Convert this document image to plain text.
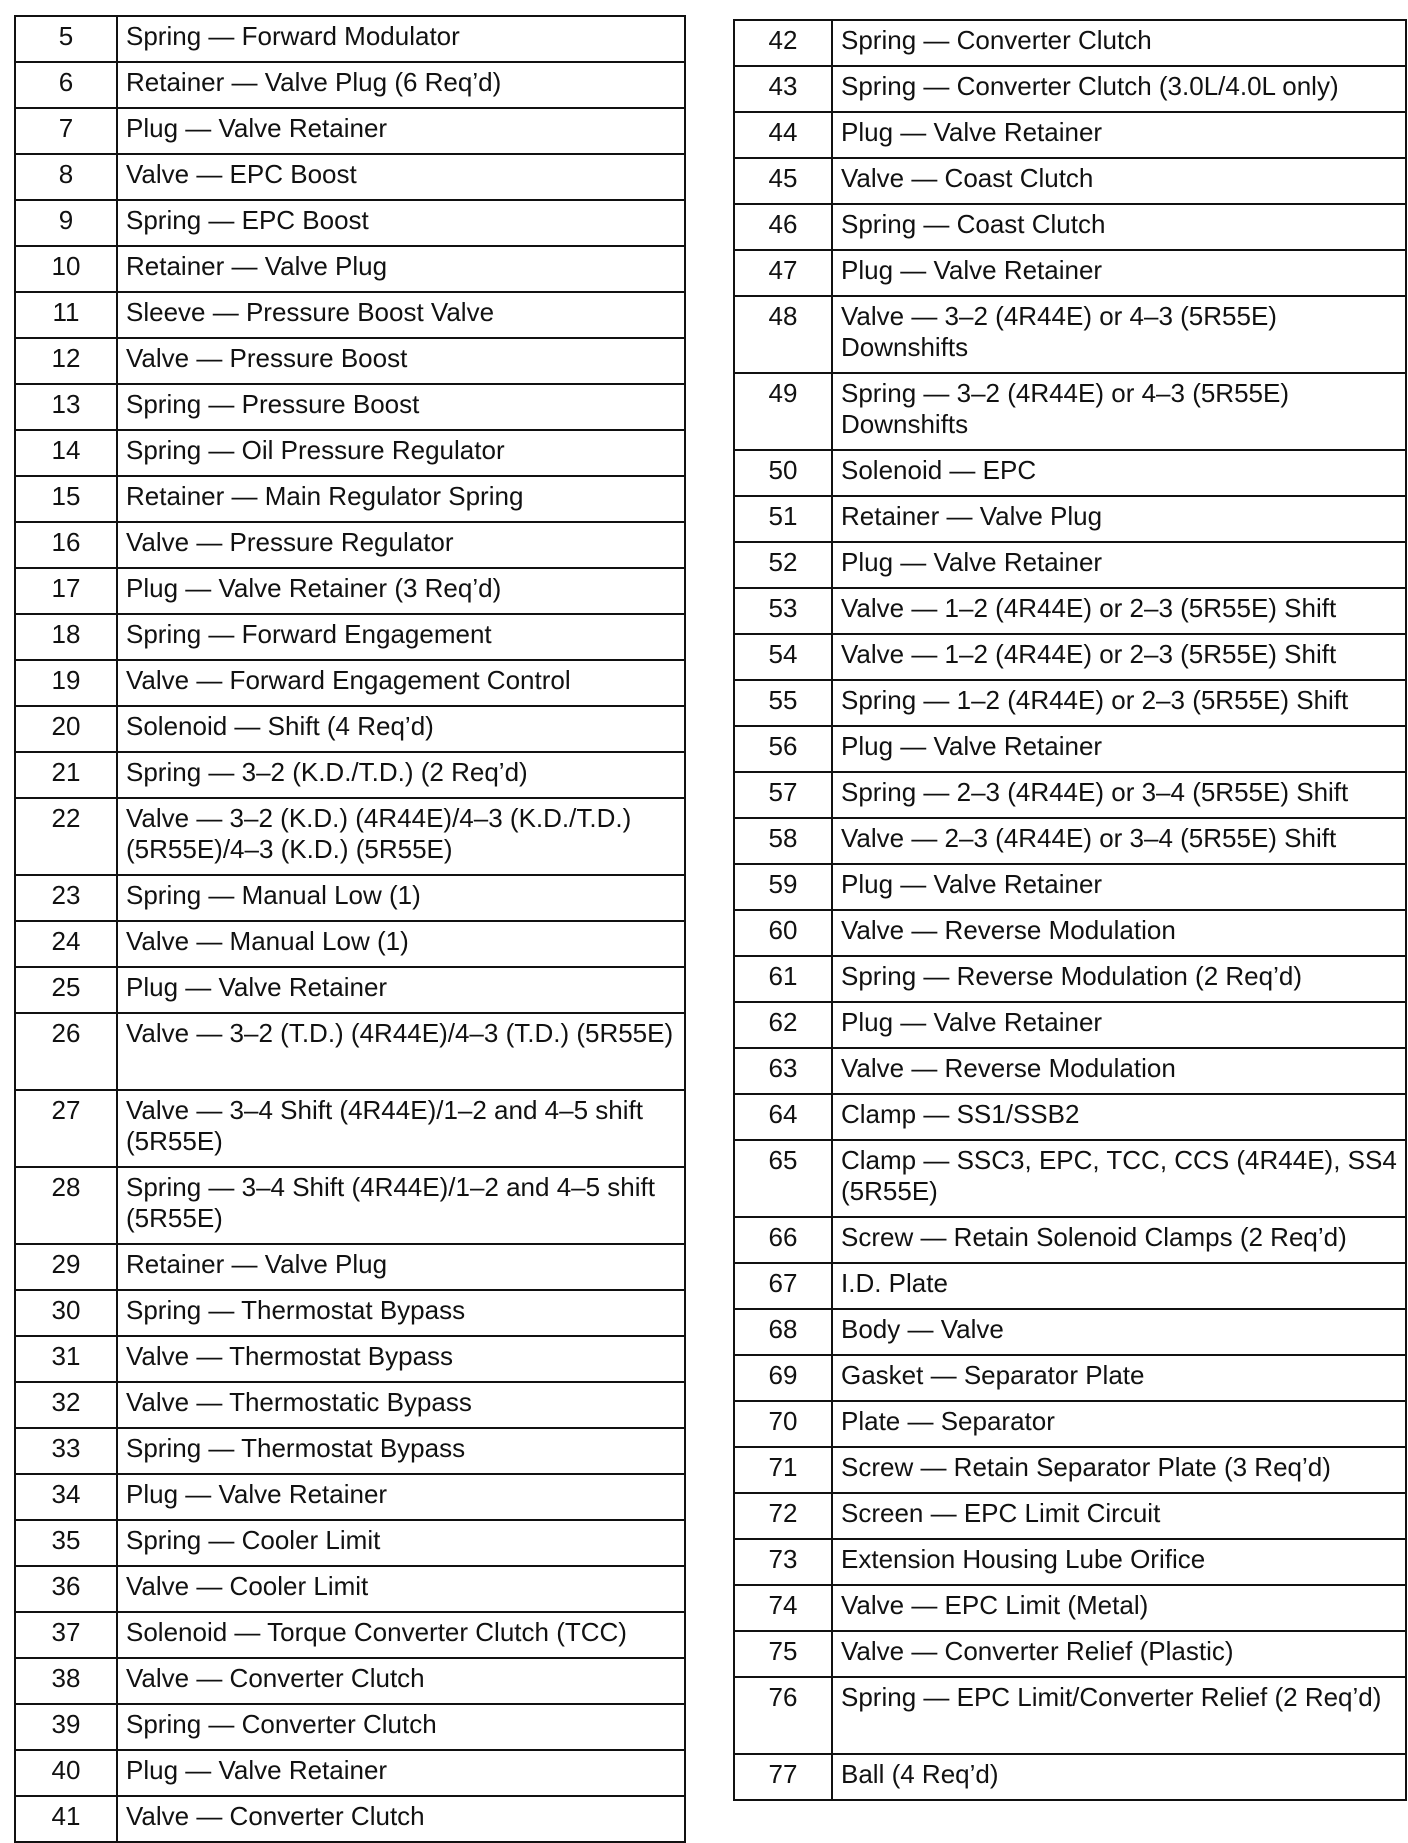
5	Spring — Forward Modulator
6	Retainer — Valve Plug (6 Req’d)
7	Plug — Valve Retainer
8	Valve — EPC Boost
9	Spring — EPC Boost
10	Retainer — Valve Plug
11	Sleeve — Pressure Boost Valve
12	Valve — Pressure Boost
13	Spring — Pressure Boost
14	Spring — Oil Pressure Regulator
15	Retainer — Main Regulator Spring
16	Valve — Pressure Regulator
17	Plug — Valve Retainer (3 Req’d)
18	Spring — Forward Engagement
19	Valve — Forward Engagement Control
20	Solenoid — Shift (4 Req’d)
21	Spring — 3–2 (K.D./T.D.) (2 Req’d)
22	Valve — 3–2 (K.D.) (4R44E)/4–3 (K.D./T.D.) (5R55E)/4–3 (K.D.) (5R55E)
23	Spring — Manual Low (1)
24	Valve — Manual Low (1)
25	Plug — Valve Retainer
26	Valve — 3–2 (T.D.) (4R44E)/4–3 (T.D.) (5R55E)
27	Valve — 3–4 Shift (4R44E)/1–2 and 4–5 shift (5R55E)
28	Spring — 3–4 Shift (4R44E)/1–2 and 4–5 shift (5R55E)
29	Retainer — Valve Plug
30	Spring — Thermostat Bypass
31	Valve — Thermostat Bypass
32	Valve — Thermostatic Bypass
33	Spring — Thermostat Bypass
34	Plug — Valve Retainer
35	Spring — Cooler Limit
36	Valve — Cooler Limit
37	Solenoid — Torque Converter Clutch (TCC)
38	Valve — Converter Clutch
39	Spring — Converter Clutch
40	Plug — Valve Retainer
41	Valve — Converter Clutch
42	Spring — Converter Clutch
43	Spring — Converter Clutch (3.0L/4.0L only)
44	Plug — Valve Retainer
45	Valve — Coast Clutch
46	Spring — Coast Clutch
47	Plug — Valve Retainer
48	Valve — 3–2 (4R44E) or 4–3 (5R55E) Downshifts
49	Spring — 3–2 (4R44E) or 4–3 (5R55E) Downshifts
50	Solenoid — EPC
51	Retainer — Valve Plug
52	Plug — Valve Retainer
53	Valve — 1–2 (4R44E) or 2–3 (5R55E) Shift
54	Valve — 1–2 (4R44E) or 2–3 (5R55E) Shift
55	Spring — 1–2 (4R44E) or 2–3 (5R55E) Shift
56	Plug — Valve Retainer
57	Spring — 2–3 (4R44E) or 3–4 (5R55E) Shift
58	Valve — 2–3 (4R44E) or 3–4 (5R55E) Shift
59	Plug — Valve Retainer
60	Valve — Reverse Modulation
61	Spring — Reverse Modulation (2 Req’d)
62	Plug — Valve Retainer
63	Valve — Reverse Modulation
64	Clamp — SS1/SSB2
65	Clamp — SSC3, EPC, TCC, CCS (4R44E), SS4 (5R55E)
66	Screw — Retain Solenoid Clamps (2 Req’d)
67	I.D. Plate
68	Body — Valve
69	Gasket — Separator Plate
70	Plate — Separator
71	Screw — Retain Separator Plate (3 Req’d)
72	Screen — EPC Limit Circuit
73	Extension Housing Lube Orifice
74	Valve — EPC Limit (Metal)
75	Valve — Converter Relief (Plastic)
76	Spring — EPC Limit/Converter Relief (2 Req’d)
77	Ball (4 Req’d)
